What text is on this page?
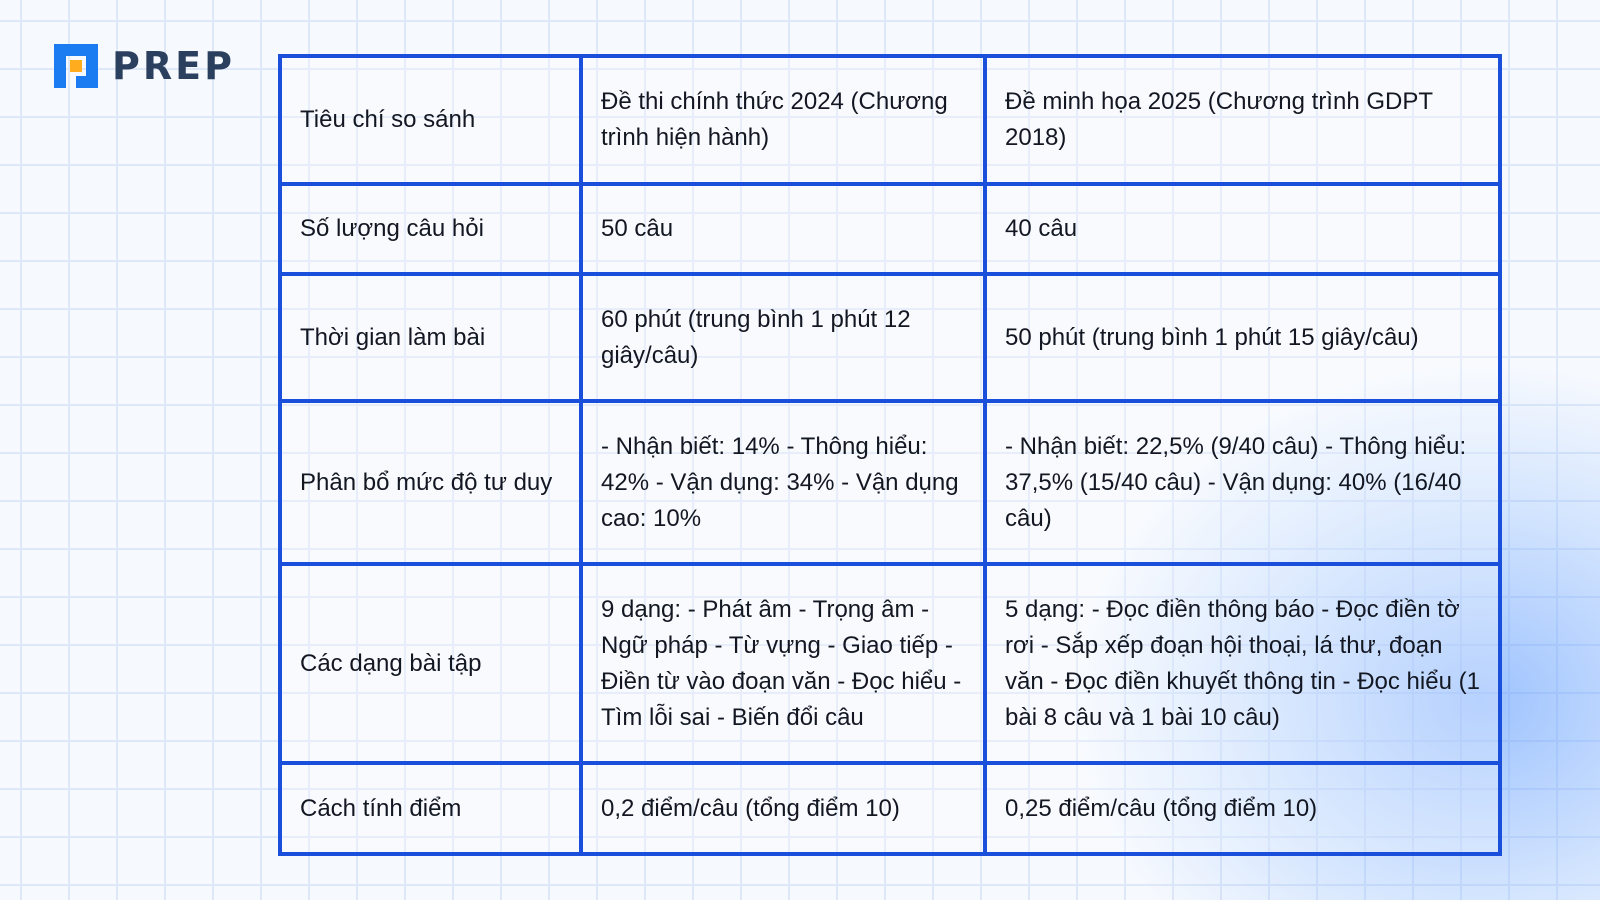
PREP
Tiêu chí so sánh	Đề thi chính thức 2024 (Chương trình hiện hành)	Đề minh họa 2025 (Chương trình GDPT 2018)
Số lượng câu hỏi	50 câu	40 câu
Thời gian làm bài	60 phút (trung bình 1 phút 12 giây/câu)	50 phút (trung bình 1 phút 15 giây/câu)
Phân bổ mức độ tư duy	- Nhận biết: 14% - Thông hiểu: 42% - Vận dụng: 34% - Vận dụng cao: 10%	- Nhận biết: 22,5% (9/40 câu) - Thông hiểu: 37,5% (15/40 câu) - Vận dụng: 40% (16/40 câu)
Các dạng bài tập	9 dạng: - Phát âm - Trọng âm - Ngữ pháp - Từ vựng - Giao tiếp - Điền từ vào đoạn văn - Đọc hiểu - Tìm lỗi sai - Biến đổi câu	5 dạng: - Đọc điền thông báo - Đọc điền tờ rơi - Sắp xếp đoạn hội thoại, lá thư, đoạn văn - Đọc điền khuyết thông tin - Đọc hiểu (1 bài 8 câu và 1 bài 10 câu)
Cách tính điểm	0,2 điểm/câu (tổng điểm 10)	0,25 điểm/câu (tổng điểm 10)
